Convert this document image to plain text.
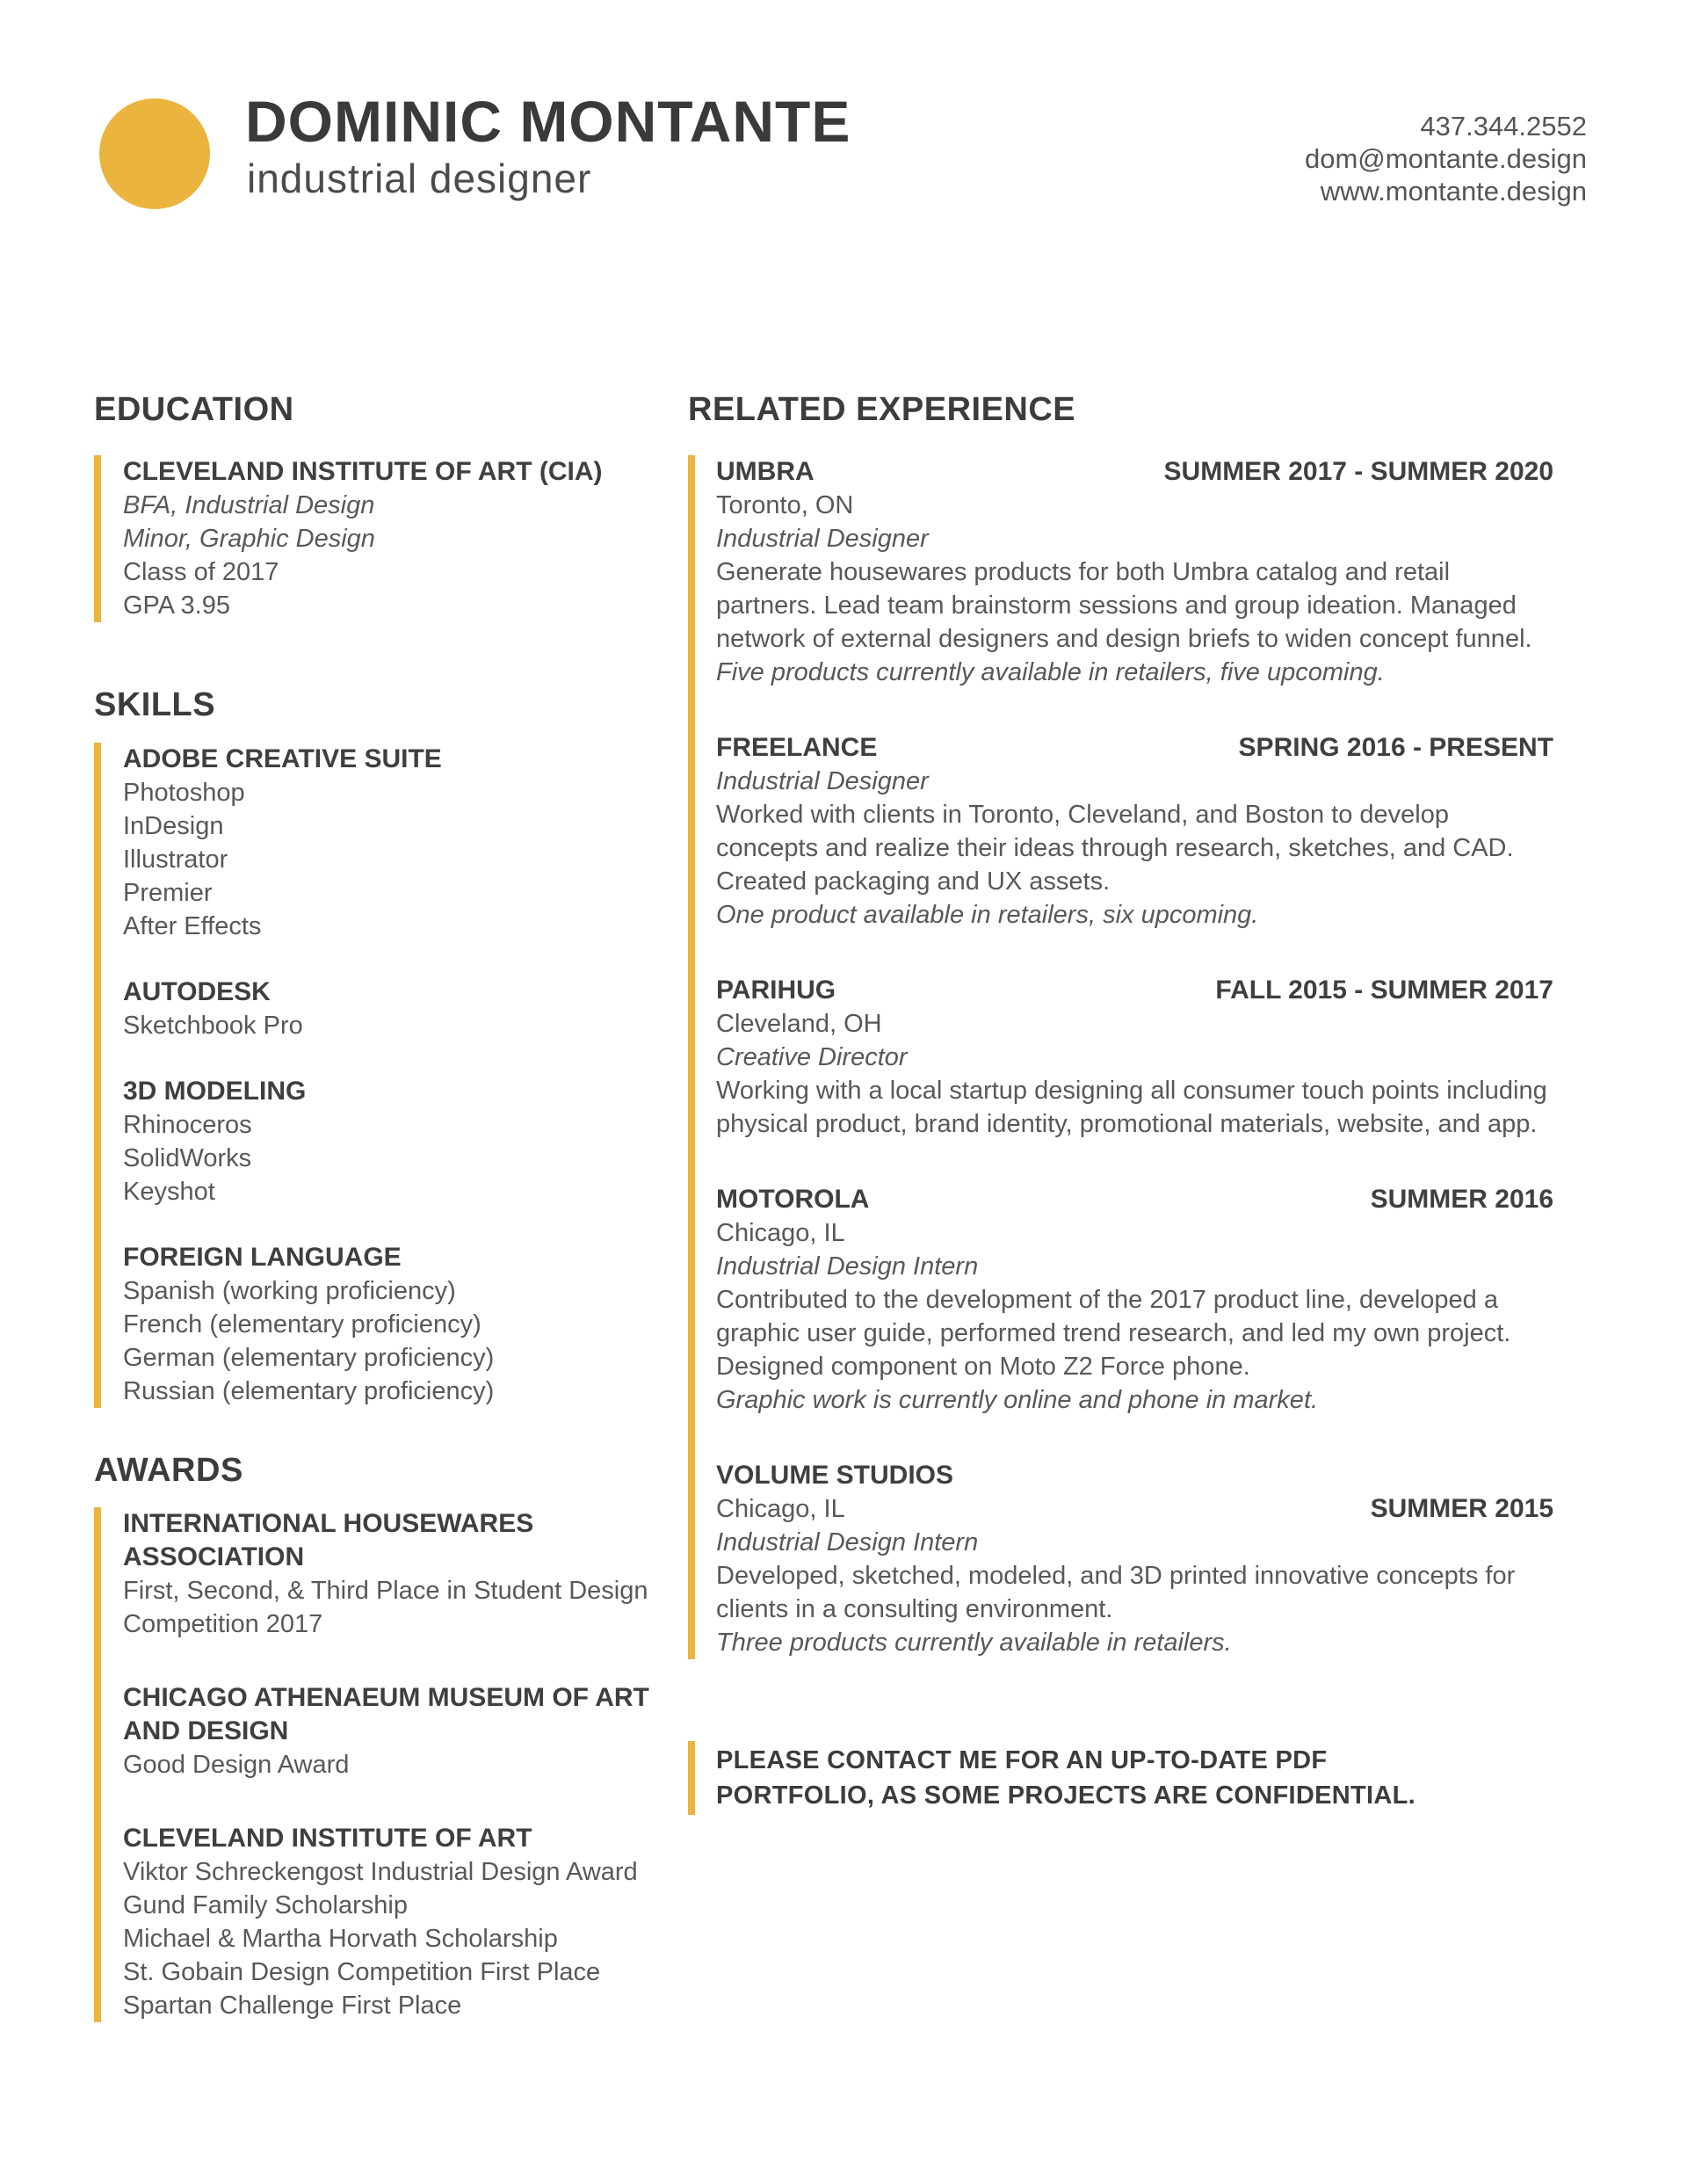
DOMINIC MONTANTE
industrial designer
437.344.2552
dom@montante.design
www.montante.design
EDUCATION
CLEVELAND INSTITUTE OF ART (CIA)
BFA, Industrial Design
Minor, Graphic Design
Class of 2017
GPA 3.95
SKILLS
ADOBE CREATIVE SUITE
Photoshop
InDesign
Illustrator
Premier
After Effects
AUTODESK
Sketchbook Pro
3D MODELING
Rhinoceros
SolidWorks
Keyshot
FOREIGN LANGUAGE
Spanish (working proficiency)
French (elementary proficiency)
German (elementary proficiency)
Russian (elementary proficiency)
AWARDS
INTERNATIONAL HOUSEWARES ASSOCIATION
First, Second, & Third Place in Student Design Competition 2017
CHICAGO ATHENAEUM MUSEUM OF ART AND DESIGN
Good Design Award
CLEVELAND INSTITUTE OF ART
Viktor Schreckengost Industrial Design Award
Gund Family Scholarship
Michael & Martha Horvath Scholarship
St. Gobain Design Competition First Place
Spartan Challenge First Place
RELATED EXPERIENCE
UMBRA	SUMMER 2017 - SUMMER 2020
Toronto, ON
Industrial Designer
Generate housewares products for both Umbra catalog and retail partners. Lead team brainstorm sessions and group ideation. Managed network of external designers and design briefs to widen concept funnel.
Five products currently available in retailers, five upcoming.
FREELANCE	SPRING 2016 - PRESENT
Industrial Designer
Worked with clients in Toronto, Cleveland, and Boston to develop concepts and realize their ideas through research, sketches, and CAD. Created packaging and UX assets.
One product available in retailers, six upcoming.
PARIHUG	FALL 2015 - SUMMER 2017
Cleveland, OH
Creative Director
Working with a local startup designing all consumer touch points including physical product, brand identity, promotional materials, website, and app.
MOTOROLA	SUMMER 2016
Chicago, IL
Industrial Design Intern
Contributed to the development of the 2017 product line, developed a graphic user guide, performed trend research, and led my own project. Designed component on Moto Z2 Force phone.
Graphic work is currently online and phone in market.
VOLUME STUDIOS
Chicago, IL	SUMMER 2015
Industrial Design Intern
Developed, sketched, modeled, and 3D printed innovative concepts for clients in a consulting environment.
Three products currently available in retailers.
PLEASE CONTACT ME FOR AN UP-TO-DATE PDF PORTFOLIO, AS SOME PROJECTS ARE CONFIDENTIAL.
